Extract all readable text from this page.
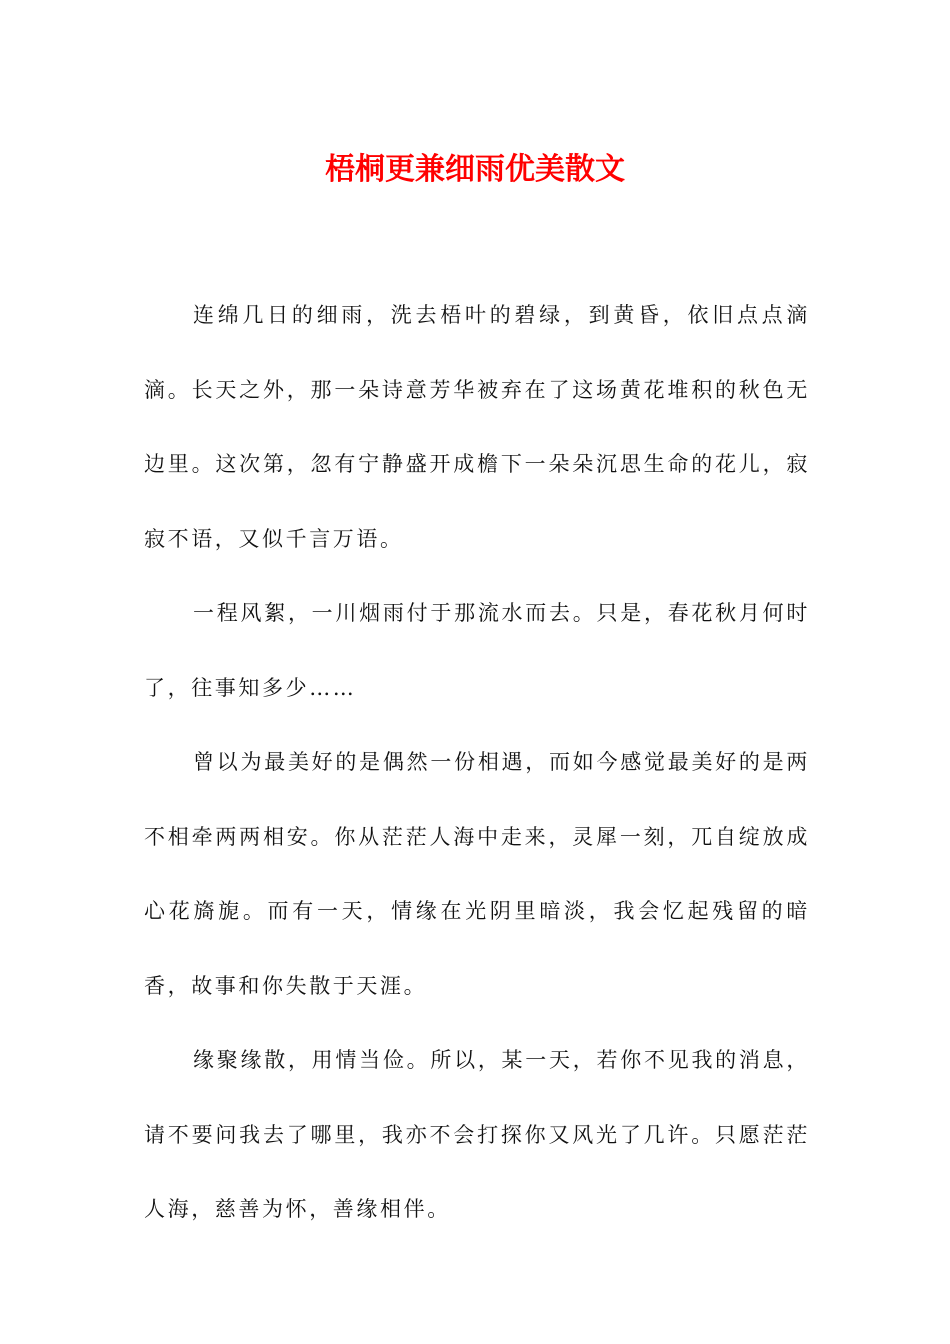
梧桐更兼细雨优美散文

连绵几日的细雨，洗去梧叶的碧绿，到黄昏，依旧点点滴滴。长天之外，那一朵诗意芳华被弃在了这场黄花堆积的秋色无边里。这次第，忽有宁静盛开成檐下一朵朵沉思生命的花儿，寂寂不语，又似千言万语。

一程风絮，一川烟雨付于那流水而去。只是，春花秋月何时了，往事知多少……

曾以为最美好的是偶然一份相遇，而如今感觉最美好的是两不相牵两两相安。你从茫茫人海中走来，灵犀一刻，兀自绽放成心花旖旎。而有一天，情缘在光阴里暗淡，我会忆起残留的暗香，故事和你失散于天涯。

缘聚缘散，用情当俭。所以，某一天，若你不见我的消息，请不要问我去了哪里，我亦不会打探你又风光了几许。只愿茫茫人海，慈善为怀，善缘相伴。
